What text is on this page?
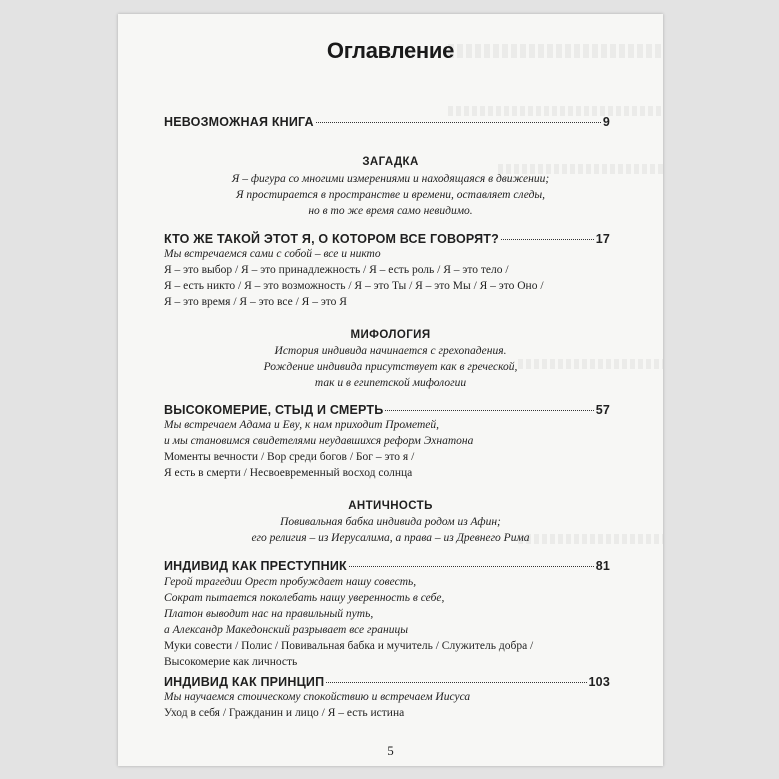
Оглавление
НЕВОЗМОЖНАЯ КНИГА	9
ЗАГАДКА
Я – фигура со многими измерениями и находящаяся в движении;
Я простирается в пространстве и времени, оставляет следы,
но в то же время само невидимо.
КТО ЖЕ ТАКОЙ ЭТОТ Я, О КОТОРОМ ВСЕ ГОВОРЯТ?	17
Мы встречаемся сами с собой – все и никто
Я – это выбор / Я – это принадлежность / Я – есть роль / Я – это тело /
Я – есть никто / Я – это возможность / Я – это Ты / Я – это Мы / Я – это Оно /
Я – это время / Я – это все / Я – это Я
МИФОЛОГИЯ
История индивида начинается с грехопадения.
Рождение индивида присутствует как в греческой,
так и в египетской мифологии
ВЫСОКОМЕРИЕ, СТЫД И СМЕРТЬ	57
Мы встречаем Адама и Еву, к нам приходит Прометей,
и мы становимся свидетелями неудавшихся реформ Эхнатона
Моменты вечности / Вор среди богов / Бог – это я /
Я есть в смерти / Несвоевременный восход солнца
АНТИЧНОСТЬ
Повивальная бабка индивида родом из Афин;
его религия – из Иерусалима, а права – из Древнего Рима
ИНДИВИД КАК ПРЕСТУПНИК	81
Герой трагедии Орест пробуждает нашу совесть,
Сократ пытается поколебать нашу уверенность в себе,
Платон выводит нас на правильный путь,
а Александр Македонский разрывает все границы
Муки совести / Полис / Повивальная бабка и мучитель / Служитель добра /
Высокомерие как личность
ИНДИВИД КАК ПРИНЦИП	103
Мы научаемся стоическому спокойствию и встречаем Иисуса
Уход в себя / Гражданин и лицо / Я – есть истина
5
